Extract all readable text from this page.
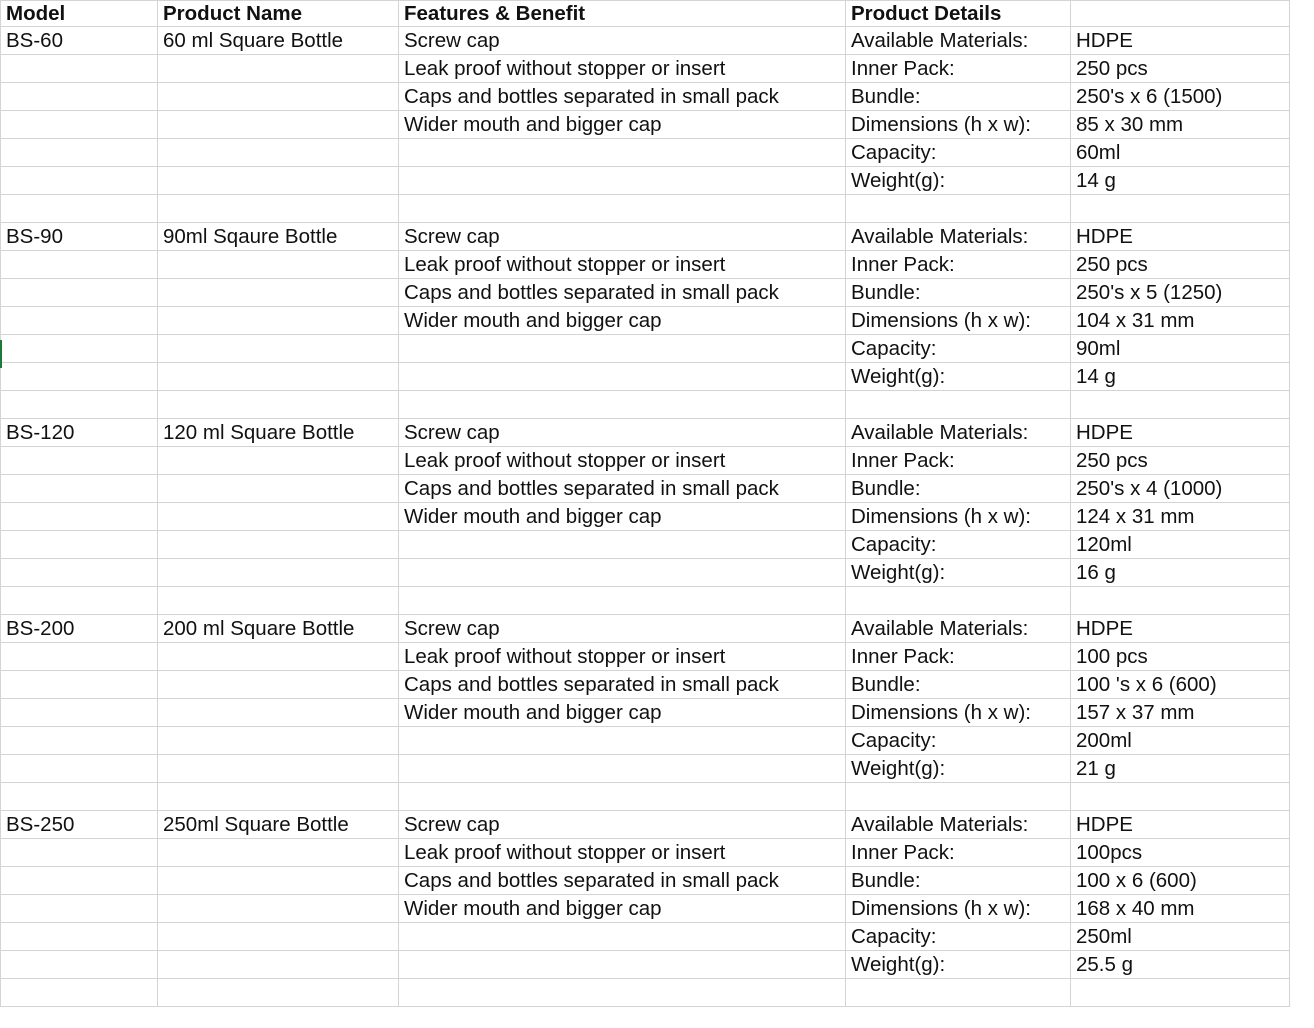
Model	Product Name	Features & Benefit	Product Details	
BS-60	60 ml Square Bottle	Screw cap	Available Materials:	HDPE
		Leak proof without stopper or insert	Inner Pack:	250 pcs
		Caps and bottles separated in small pack	Bundle:	250's x 6 (1500)
		Wider mouth and bigger cap	Dimensions (h x w):	85 x 30 mm
			Capacity:	60ml
			Weight(g):	14 g

BS-90	90ml Sqaure Bottle	Screw cap	Available Materials:	HDPE
		Leak proof without stopper or insert	Inner Pack:	250 pcs
		Caps and bottles separated in small pack	Bundle:	250's x 5 (1250)
		Wider mouth and bigger cap	Dimensions (h x w):	104 x 31 mm
			Capacity:	90ml
			Weight(g):	14 g

BS-120	120 ml Square Bottle	Screw cap	Available Materials:	HDPE
		Leak proof without stopper or insert	Inner Pack:	250 pcs
		Caps and bottles separated in small pack	Bundle:	250's x 4 (1000)
		Wider mouth and bigger cap	Dimensions (h x w):	124 x 31 mm
			Capacity:	120ml
			Weight(g):	16 g

BS-200	200 ml Square Bottle	Screw cap	Available Materials:	HDPE
		Leak proof without stopper or insert	Inner Pack:	100 pcs
		Caps and bottles separated in small pack	Bundle:	100 's x 6 (600)
		Wider mouth and bigger cap	Dimensions (h x w):	157 x 37 mm
			Capacity:	200ml
			Weight(g):	21 g

BS-250	250ml Square Bottle	Screw cap	Available Materials:	HDPE
		Leak proof without stopper or insert	Inner Pack:	100pcs
		Caps and bottles separated in small pack	Bundle:	100 x 6 (600)
		Wider mouth and bigger cap	Dimensions (h x w):	168 x 40 mm
			Capacity:	250ml
			Weight(g):	25.5 g
